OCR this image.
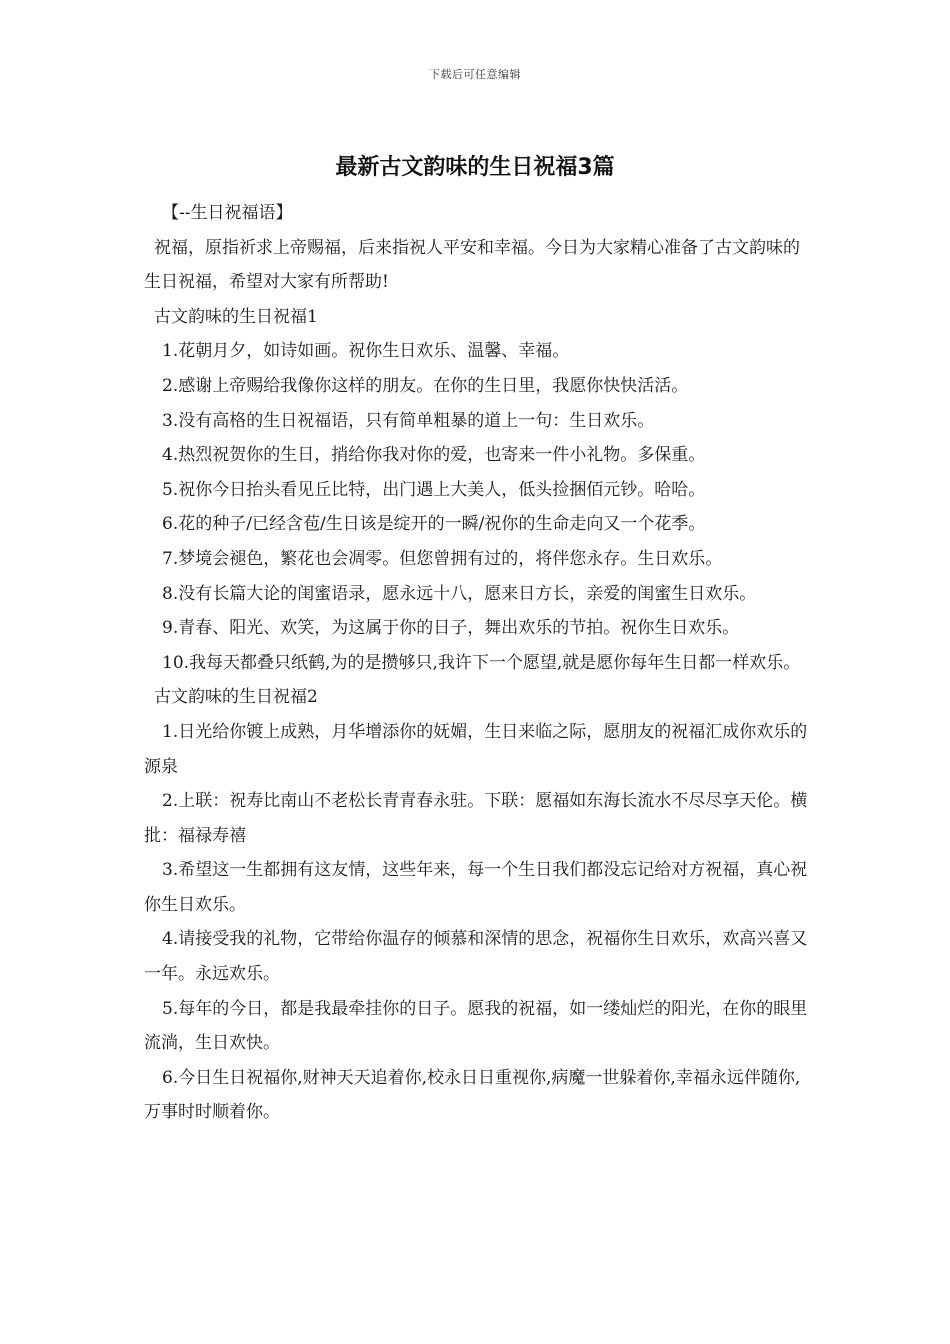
下载后可任意编辑
最新古文韵味的生日祝福3篇

【--生日祝福语】

祝福，原指祈求上帝赐福，后来指祝人平安和幸福。今日为大家精心准备了古文韵味的生日祝福，希望对大家有所帮助!

古文韵味的生日祝福1

1.花朝月夕，如诗如画。祝你生日欢乐、温馨、幸福。

2.感谢上帝赐给我像你这样的朋友。在你的生日里，我愿你快快活活。

3.没有高格的生日祝福语，只有简单粗暴的道上一句：生日欢乐。

4.热烈祝贺你的生日，捎给你我对你的爱，也寄来一件小礼物。多保重。

5.祝你今日抬头看见丘比特，出门遇上大美人，低头捡捆佰元钞。哈哈。

6.花的种子/已经含苞/生日该是绽开的一瞬/祝你的生命走向又一个花季。

7.梦境会褪色，繁花也会凋零。但您曾拥有过的，将伴您永存。生日欢乐。

8.没有长篇大论的闺蜜语录，愿永远十八，愿来日方长，亲爱的闺蜜生日欢乐。

9.青春、阳光、欢笑，为这属于你的日子，舞出欢乐的节拍。祝你生日欢乐。

10.我每天都叠只纸鹤,为的是攒够只,我许下一个愿望,就是愿你每年生日都一样欢乐。

古文韵味的生日祝福2

1.日光给你镀上成熟，月华增添你的妩媚，生日来临之际，愿朋友的祝福汇成你欢乐的源泉

2.上联：祝寿比南山不老松长青青春永驻。下联：愿福如东海长流水不尽尽享天伦。横批：福禄寿禧

3.希望这一生都拥有这友情，这些年来，每一个生日我们都没忘记给对方祝福，真心祝你生日欢乐。

4.请接受我的礼物，它带给你温存的倾慕和深情的思念，祝福你生日欢乐，欢高兴喜又一年。永远欢乐。

5.每年的今日，都是我最牵挂你的日子。愿我的祝福，如一缕灿烂的阳光，在你的眼里流淌，生日欢快。

6.今日生日祝福你,财神天天追着你,校永日日重视你,病魔一世躲着你,幸福永远伴随你,万事时时顺着你。
